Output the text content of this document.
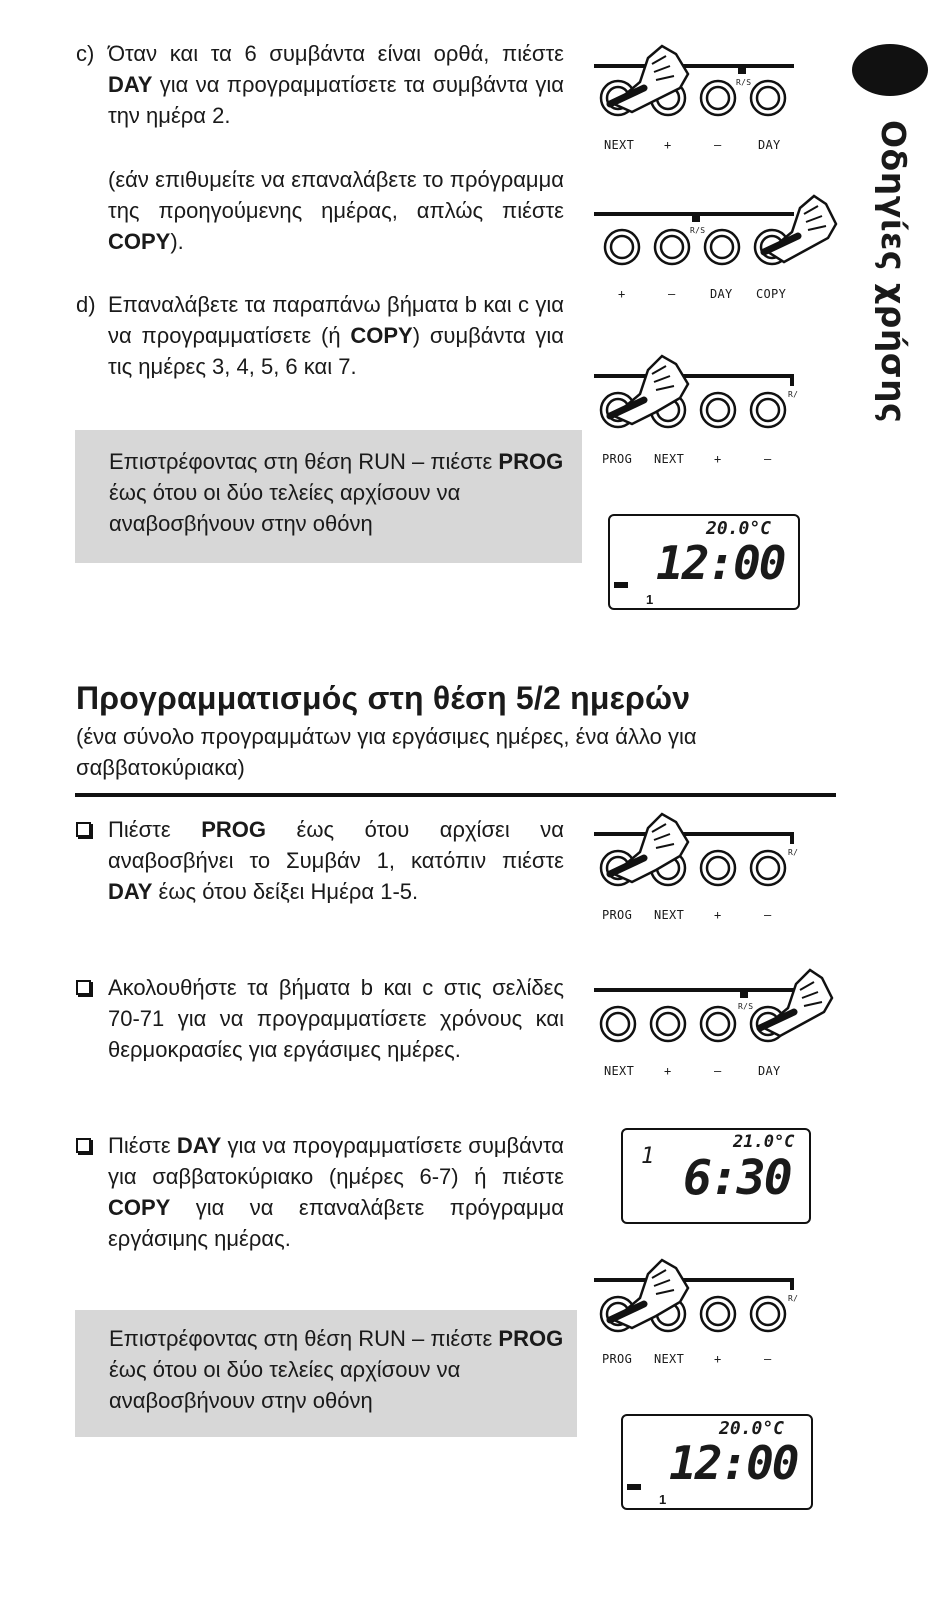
Οδηγίες χρήσης
c) Όταν και τα 6 συμβάντα είναι ορθά, πιέστε DAY για να προγραμματίσετε τα συμβάντα για την ημέρα 2.
(εάν επιθυμείτε να επαναλάβετε το πρόγραμμα της προηγούμενης ημέρας, απλώς πιέστε COPY).
d) Επαναλάβετε τα παραπάνω βήματα b και c για να προγραμματίσετε (ή COPY) συμβάντα για τις ημέρες 3, 4, 5, 6 και 7.
Επιστρέφοντας στη θέση RUN – πιέστε PROG έως ότου οι δύο τελείες αρχίσουν να αναβοσβήνουν στην οθόνη
Προγραμματισμός στη θέση 5/2 ημερών
(ένα σύνολο προγραμμάτων για εργάσιμες ημέρες, ένα άλλο για σαββατοκύριακα)
Πιέστε PROG έως ότου αρχίσει να αναβοσβήνει το Συμβάν 1, κατόπιν πιέστε DAY έως ότου δείξει Ημέρα 1-5.
Ακολουθήστε τα βήματα b και c στις σελίδες 70-71 για να προγραμματίσετε χρόνους και θερμοκρασίες για εργάσιμες ημέρες.
Πιέστε DAY για να προγραμματίσετε συμβάντα για σαββατοκύριακο (ημέρες 6-7) ή πιέστε COPY για να επαναλάβετε πρόγραμμα εργάσιμης ημέρας.
Επιστρέφοντας στη θέση RUN – πιέστε PROG έως ότου οι δύο τελείες αρχίσουν να αναβοσβήνουν στην οθόνη
R/S
NEXT +	–	DAY
R/S
+	–	DAY COPY
R/
PROG NEXT +	–
20.0°C
12:00
1
R/
PROG NEXT +	–
R/S
NEXT +	–	DAY
1
21.0°C
6:30
R/
PROG NEXT +	–
20.0°C
12:00
1
